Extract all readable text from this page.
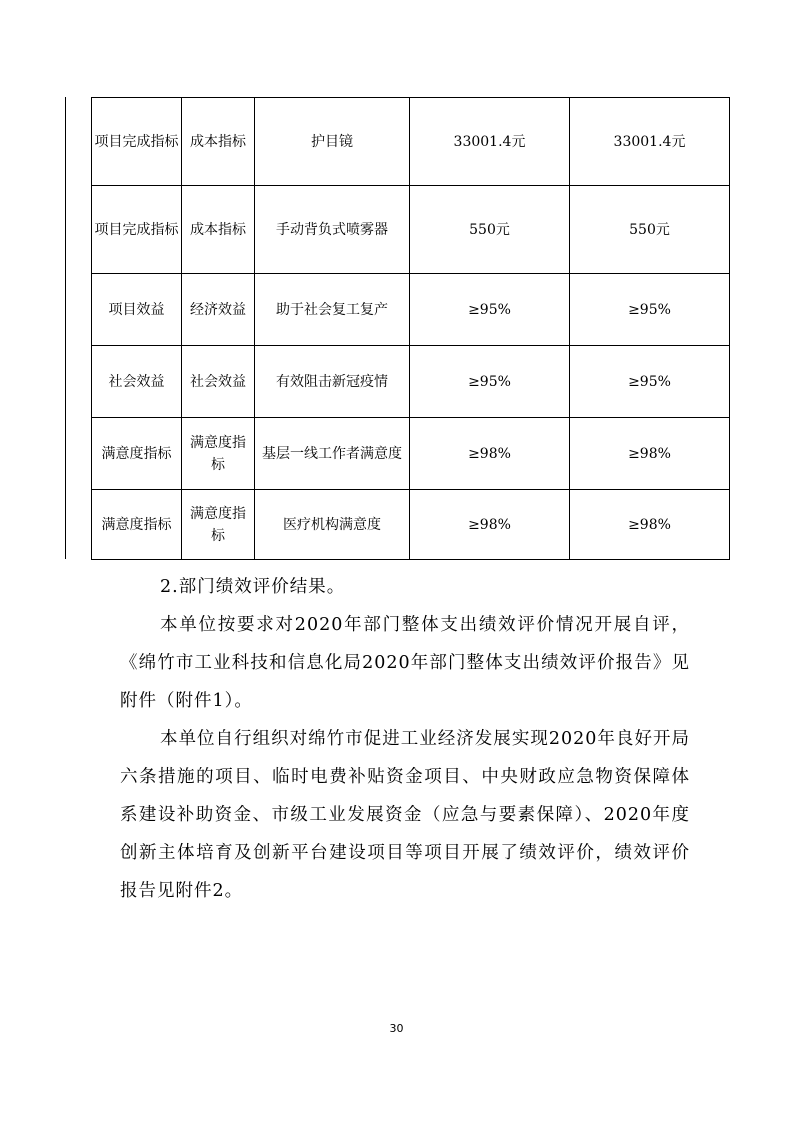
项目完成指标	成本指标	护目镜	33001.4元	33001.4元
项目完成指标	成本指标	手动背负式喷雾器	550元	550元
项目效益	经济效益	助于社会复工复产	≥95%	≥95%
社会效益	社会效益	有效阻击新冠疫情	≥95%	≥95%
满意度指标	满意度指标	基层一线工作者满意度	≥98%	≥98%
满意度指标	满意度指标	医疗机构满意度	≥98%	≥98%

2.部门绩效评价结果。

本单位按要求对2020年部门整体支出绩效评价情况开展自评，《绵竹市工业科技和信息化局2020年部门整体支出绩效评价报告》见附件（附件1）。

本单位自行组织对绵竹市促进工业经济发展实现2020年良好开局六条措施的项目、临时电费补贴资金项目、中央财政应急物资保障体系建设补助资金、市级工业发展资金（应急与要素保障）、2020年度创新主体培育及创新平台建设项目等项目开展了绩效评价，绩效评价报告见附件2。

30
